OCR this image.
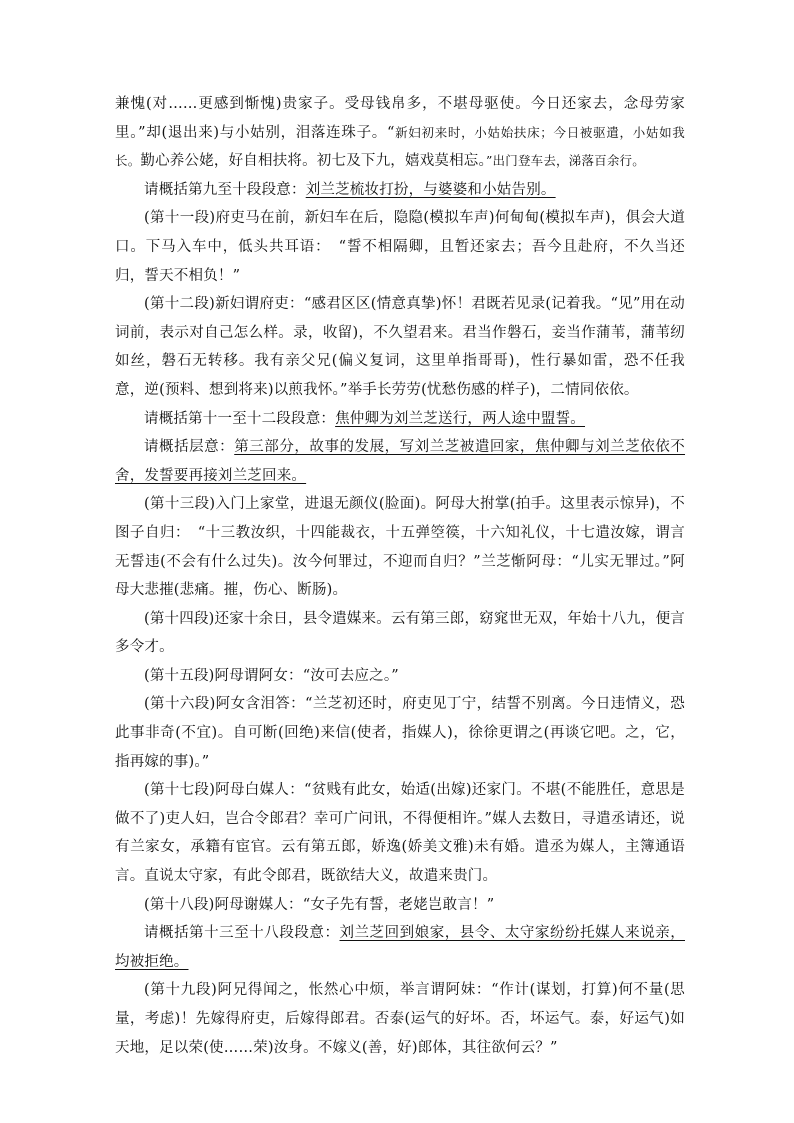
兼愧(对……更感到惭愧)贵家子。受母钱帛多，不堪母驱使。今日还家去，念母劳家里。”却(退出来)与小姑别，泪落连珠子。“新妇初来时，小姑始扶床；今日被驱遣，小姑如我长。勤心养公姥，好自相扶将。初七及下九，嬉戏莫相忘。”出门登车去，涕落百余行。

请概括第九至十段段意：刘兰芝梳妆打扮，与婆婆和小姑告别。

(第十一段)府吏马在前，新妇车在后，隐隐(模拟车声)何甸甸(模拟车声)，俱会大道口。下马入车中，低头共耳语：　“誓不相隔卿，且暂还家去；吾今且赴府，不久当还归，誓天不相负！”

(第十二段)新妇谓府吏：“感君区区(情意真挚)怀！君既若见录(记着我。“见”用在动词前，表示对自己怎么样。录，收留)，不久望君来。君当作磐石，妾当作蒲苇，蒲苇纫如丝，磐石无转移。我有亲父兄(偏义复词，这里单指哥哥)，性行暴如雷，恐不任我意，逆(预料、想到将来)以煎我怀。”举手长劳劳(忧愁伤感的样子)，二情同依依。

请概括第十一至十二段段意：焦仲卿为刘兰芝送行，两人途中盟誓。

请概括层意：第三部分，故事的发展，写刘兰芝被遣回家，焦仲卿与刘兰芝依依不舍，发誓要再接刘兰芝回来。

(第十三段)入门上家堂，进退无颜仪(脸面)。阿母大拊掌(拍手。这里表示惊异)，不图子自归：　“十三教汝织，十四能裁衣，十五弹箜篌，十六知礼仪，十七遣汝嫁，谓言无誓违(不会有什么过失)。汝今何罪过，不迎而自归？”兰芝惭阿母：“儿实无罪过。”阿母大悲摧(悲痛。摧，伤心、断肠)。

(第十四段)还家十余日，县令遣媒来。云有第三郎，窈窕世无双，年始十八九，便言多令才。

(第十五段)阿母谓阿女：“汝可去应之。”

(第十六段)阿女含泪答：“兰芝初还时，府吏见丁宁，结誓不别离。今日违情义，恐此事非奇(不宜)。自可断(回绝)来信(使者，指媒人)，徐徐更谓之(再谈它吧。之，它，指再嫁的事)。”

(第十七段)阿母白媒人：“贫贱有此女，始适(出嫁)还家门。不堪(不能胜任，意思是做不了)吏人妇，岂合令郎君？幸可广问讯，不得便相许。”媒人去数日，寻遣丞请还，说有兰家女，承籍有宦官。云有第五郎，娇逸(娇美文雅)未有婚。遣丞为媒人，主簿通语言。直说太守家，有此令郎君，既欲结大义，故遣来贵门。

(第十八段)阿母谢媒人：“女子先有誓，老姥岂敢言！”

请概括第十三至十八段段意：刘兰芝回到娘家，县令、太守家纷纷托媒人来说亲，均被拒绝。

(第十九段)阿兄得闻之，怅然心中烦，举言谓阿妹：“作计(谋划，打算)何不量(思量，考虑)！先嫁得府吏，后嫁得郎君。否泰(运气的好坏。否，坏运气。泰，好运气)如天地，足以荣(使……荣)汝身。不嫁义(善，好)郎体，其往欲何云？”
